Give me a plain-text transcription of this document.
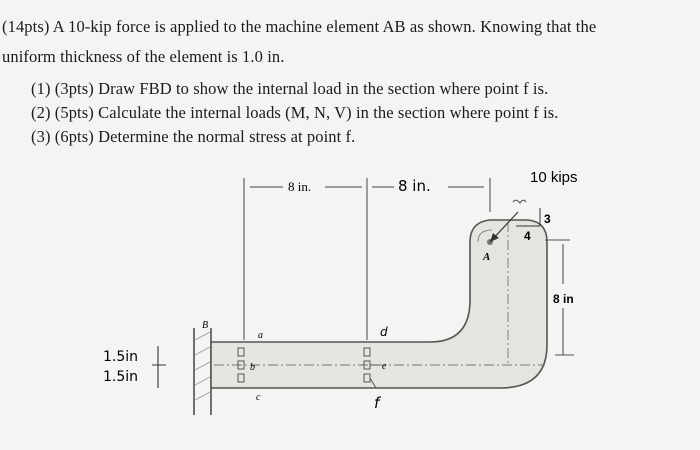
(14pts) A 10-kip force is applied to the machine element AB as shown. Knowing that the
uniform thickness of the element is 1.0 in.
(1) (3pts) Draw FBD to show the internal load in the section where point f is.
(2) (5pts) Calculate the internal loads (M, N, V) in the section where point f is.
(3) (6pts) Determine the normal stress at point f.
8 in.	8 in.	10 kips
3
4
8 in
1.5in
1.5in
B
A
a
b
c
d
e
f
